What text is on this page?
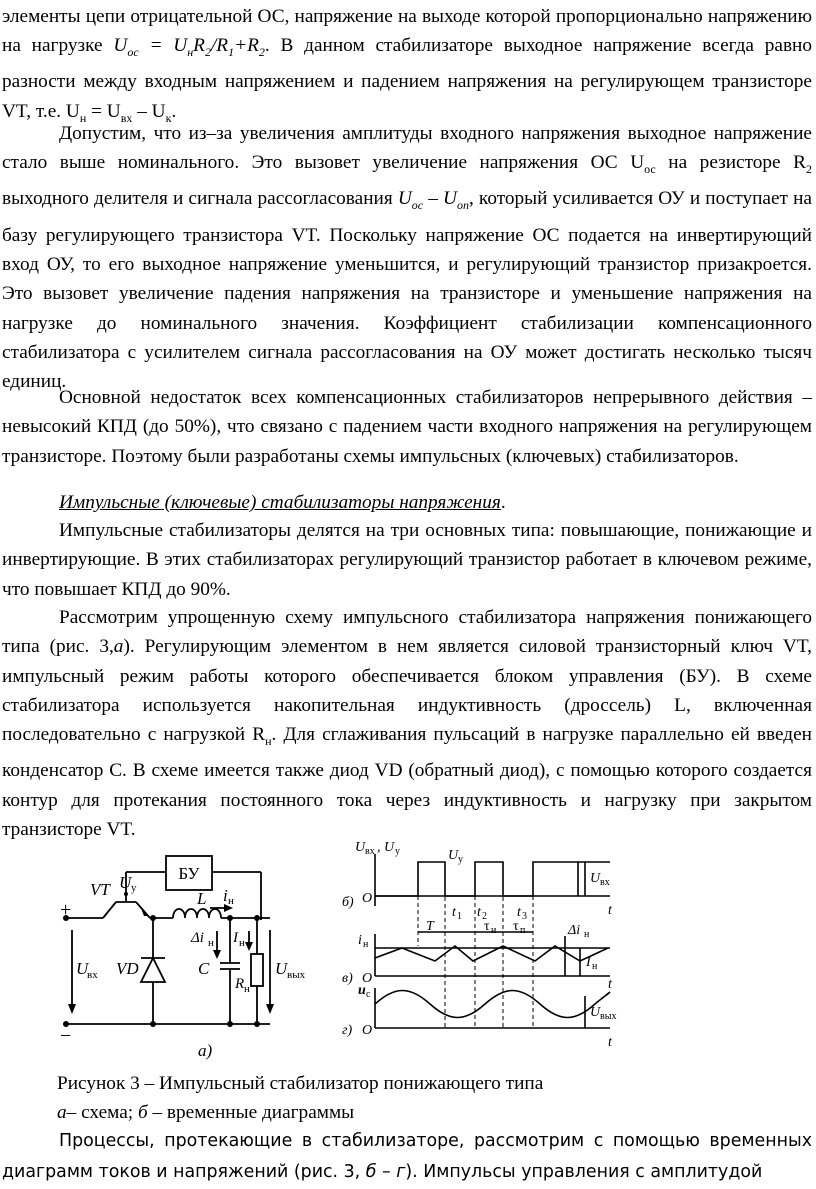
элементы цепи отрицательной ОС, напряжение на выходе которой пропорционально напряжению на нагрузке $U_{ос} = U_нR_2/R_1+R_2$. В данном стабилизаторе выходное напряжение всегда равно разности между входным напряжением и падением напряжения на регулирующем транзисторе VT, т.е. $U_н = U_{вх} - U_к$.

Допустим, что из–за увеличения амплитуды входного напряжения выходное напряжение стало выше номинального. Это вызовет увеличение напряжения ОС $U_{ос}$ на резисторе $R_2$ выходного делителя и сигнала рассогласования $U_{ос} - U_{оп}$, который усиливается ОУ и поступает на базу регулирующего транзистора VT. Поскольку напряжение ОС подается на инвертирующий вход ОУ, то его выходное напряжение уменьшится, и регулирующий транзистор призакроется. Это вызовет увеличение падения напряжения на транзисторе и уменьшение напряжения на нагрузке до номинального значения. Коэффициент стабилизации компенсационного стабилизатора с усилителем сигнала рассогласования на ОУ может достигать несколько тысяч единиц.

Основной недостаток всех компенсационных стабилизаторов непрерывного действия – невысокий КПД (до 50%), что связано с падением части входного напряжения на регулирующем транзисторе. Поэтому были разработаны схемы импульсных (ключевых) стабилизаторов.

Импульсные (ключевые) стабилизаторы напряжения.

Импульсные стабилизаторы делятся на три основных типа: повышающие, понижающие и инвертирующие. В этих стабилизаторах регулирующий транзистор работает в ключевом режиме, что повышает КПД до 90%.

Рассмотрим упрощенную схему импульсного стабилизатора напряжения понижающего типа (рис. 3,а). Регулирующим элементом в нем является силовой транзисторный ключ VT, импульсный режим работы которого обеспечивается блоком управления (БУ). В схеме стабилизатора используется накопительная индуктивность (дроссель) L, включенная последовательно с нагрузкой $R_н$. Для сглаживания пульсаций в нагрузке параллельно ей введен конденсатор С. В схеме имеется также диод VD (обратный диод), с помощью которого создается контур для протекания постоянного тока через индуктивность и нагрузку при закрытом транзисторе VT.

БУ
VT U у
L i н
Δi н I н
C
R н
VD
U
вх	U вых
+
−
а)
U вх , U у	U у
U вх
O
t
t 1 t 2 t 3
T	τ и τ п
i н
Δi н
I н
O	t
u c
U вых
O
t
б)
в)
г)

Рисунок 3 – Импульсный стабилизатор понижающего типа

а– схема; б – временные диаграммы

Процессы, протекающие в стабилизаторе, рассмотрим с помощью временных диаграмм токов и напряжений (рис. 3, б – г). Импульсы управления с амплитудой
